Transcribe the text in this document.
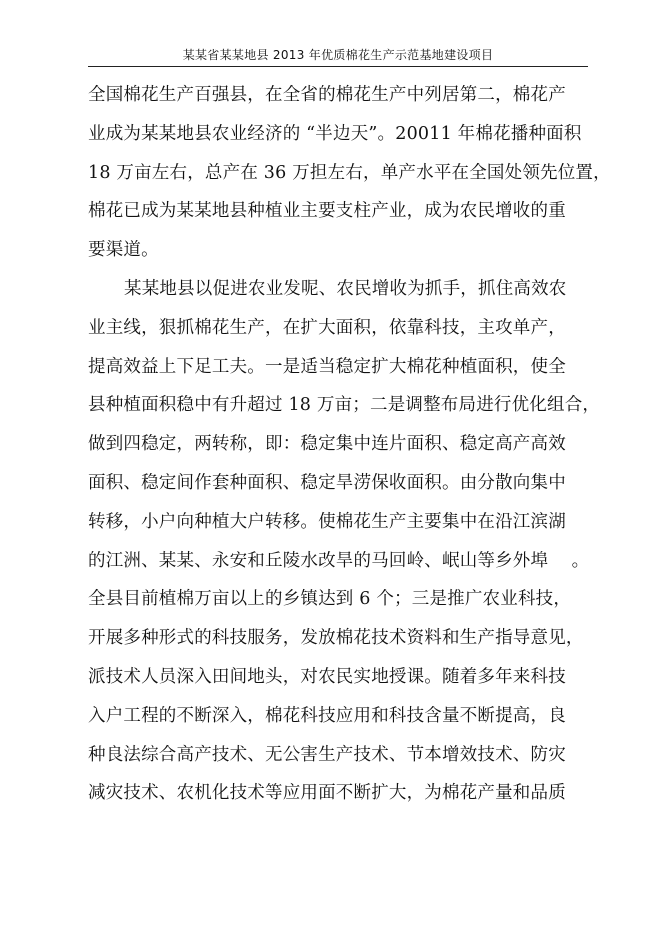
某某省某某地县 2013 年优质棉花生产示范基地建设项目
全国棉花生产百强县，在全省的棉花生产中列居第二，棉花产
业成为某某地县农业经济的 “半边天”。20011 年棉花播种面积
18 万亩左右，总产在 36 万担左右，单产水平在全国处领先位置，
棉花已成为某某地县种植业主要支柱产业，成为农民增收的重
要渠道。
某某地县以促进农业发呢、农民增收为抓手，抓住高效农
业主线，狠抓棉花生产，在扩大面积，依靠科技，主攻单产，
提高效益上下足工夫。一是适当稳定扩大棉花种植面积，使全
县种植面积稳中有升超过 18 万亩；二是调整布局进行优化组合，
做到四稳定，两转称，即：稳定集中连片面积、稳定高产高效
面积、稳定间作套种面积、稳定旱涝保收面积。由分散向集中
转移，小户向种植大户转移。使棉花生产主要集中在沿江滨湖
的江洲、某某、永安和丘陵水改旱的马回岭、岷山等乡外埠 　。
全县目前植棉万亩以上的乡镇达到 6 个；三是推广农业科技，
开展多种形式的科技服务，发放棉花技术资料和生产指导意见，
派技术人员深入田间地头，对农民实地授课。随着多年来科技
入户工程的不断深入，棉花科技应用和科技含量不断提高，良
种良法综合高产技术、无公害生产技术、节本增效技术、防灾
减灾技术、农机化技术等应用面不断扩大，为棉花产量和品质
